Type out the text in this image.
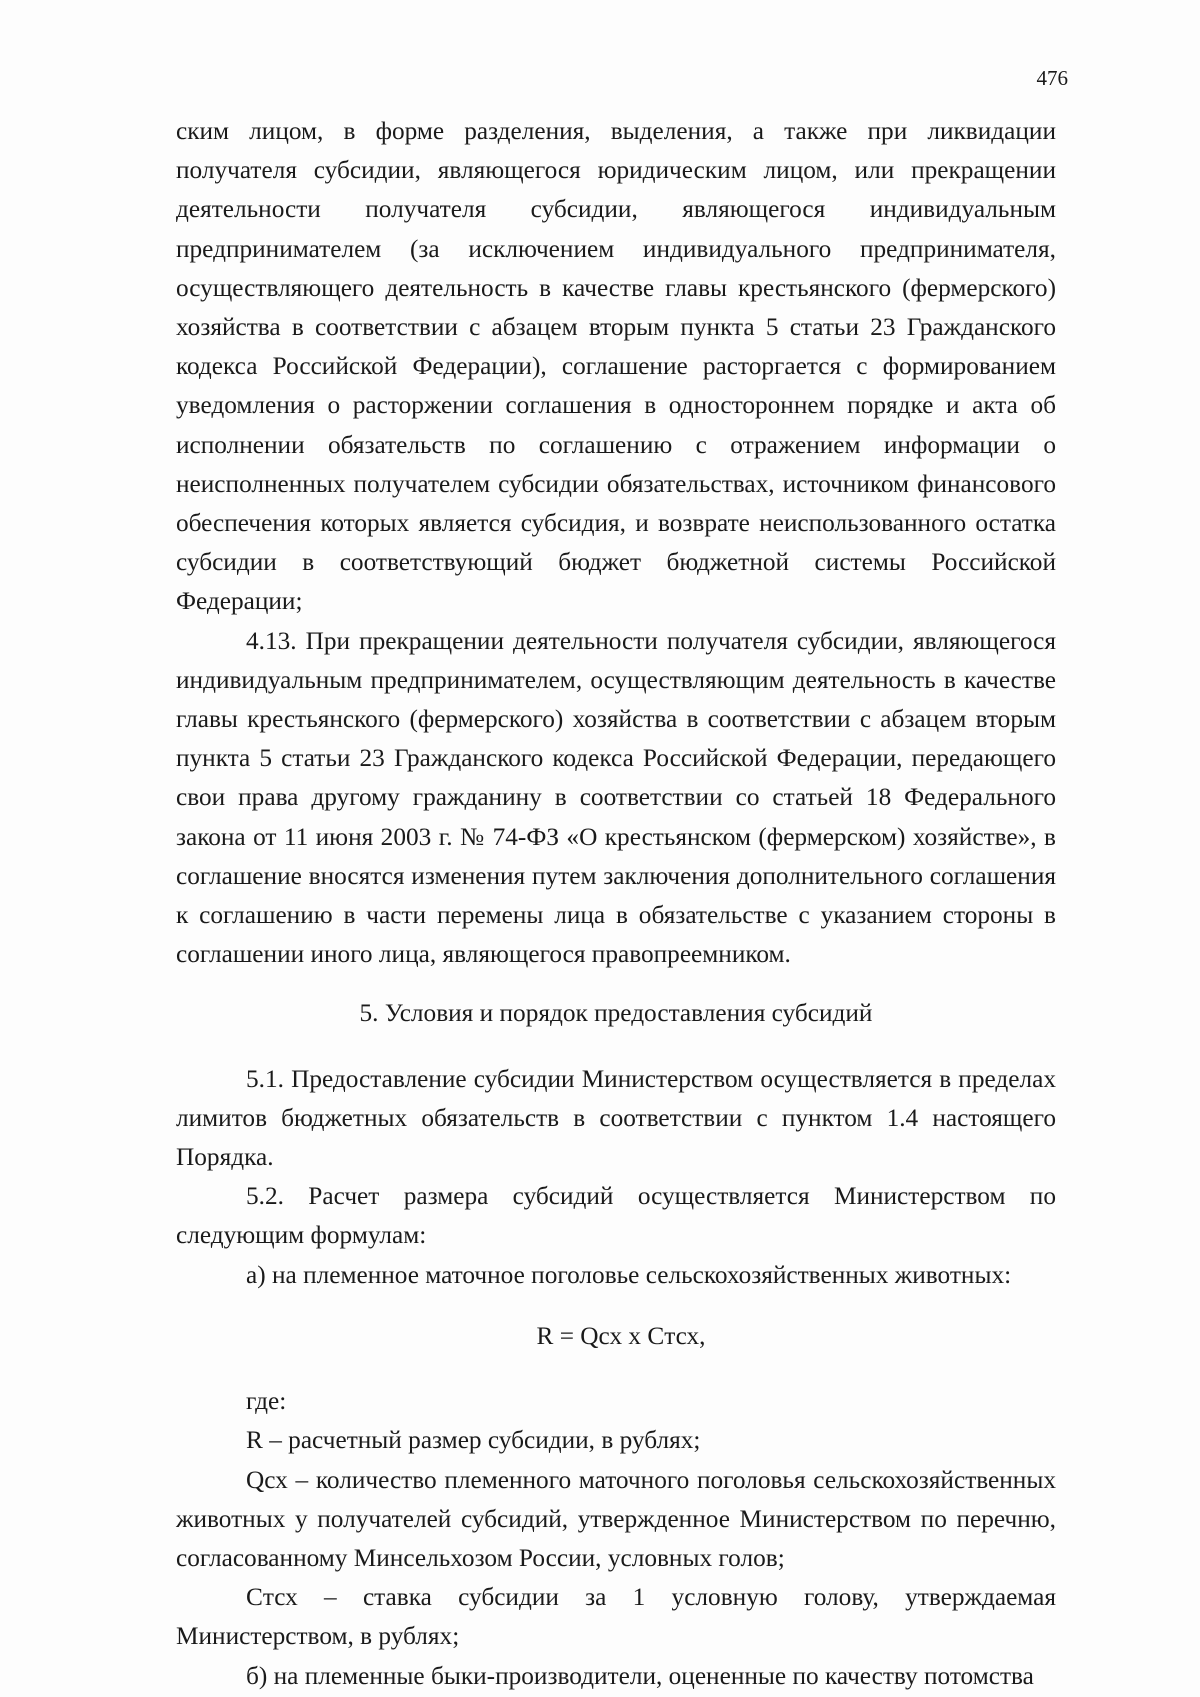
476

ским лицом, в форме разделения, выделения, а также при ликвидации получателя субсидии, являющегося юридическим лицом, или прекращении деятельности получателя субсидии, являющегося индивидуальным предпринимателем (за исключением индивидуального предпринимателя, осуществляющего деятельность в качестве главы крестьянского (фермерского) хозяйства в соответствии с абзацем вторым пункта 5 статьи 23 Гражданского кодекса Российской Федерации), соглашение расторгается с формированием уведомления о расторжении соглашения в одностороннем порядке и акта об исполнении обязательств по соглашению с отражением информации о неисполненных получателем субсидии обязательствах, источником финансового обеспечения которых является субсидия, и возврате неиспользованного остатка субсидии в соответствующий бюджет бюджетной системы Российской Федерации;

4.13. При прекращении деятельности получателя субсидии, являющегося индивидуальным предпринимателем, осуществляющим деятельность в качестве главы крестьянского (фермерского) хозяйства в соответствии с абзацем вторым пункта 5 статьи 23 Гражданского кодекса Российской Федерации, передающего свои права другому гражданину в соответствии со статьей 18 Федерального закона от 11 июня 2003 г. № 74-ФЗ «О крестьянском (фермерском) хозяйстве», в соглашение вносятся изменения путем заключения дополнительного соглашения к соглашению в части перемены лица в обязательстве с указанием стороны в соглашении иного лица, являющегося правопреемником.

5. Условия и порядок предоставления субсидий

5.1. Предоставление субсидии Министерством осуществляется в пределах лимитов бюджетных обязательств в соответствии с пунктом 1.4 настоящего Порядка.

5.2. Расчет размера субсидий осуществляется Министерством по следующим формулам:

а) на племенное маточное поголовье сельскохозяйственных животных:

R = Qсх х Cтсх,

где:

R – расчетный размер субсидии, в рублях;

Qсх – количество племенного маточного поголовья сельскохозяйственных животных у получателей субсидий, утвержденное Министерством по перечню, согласованному Минсельхозом России, условных голов;

Cтсх – ставка субсидии за 1 условную голову, утверждаемая Министерством, в рублях;

б) на племенные быки-производители, оцененные по качеству потомства
